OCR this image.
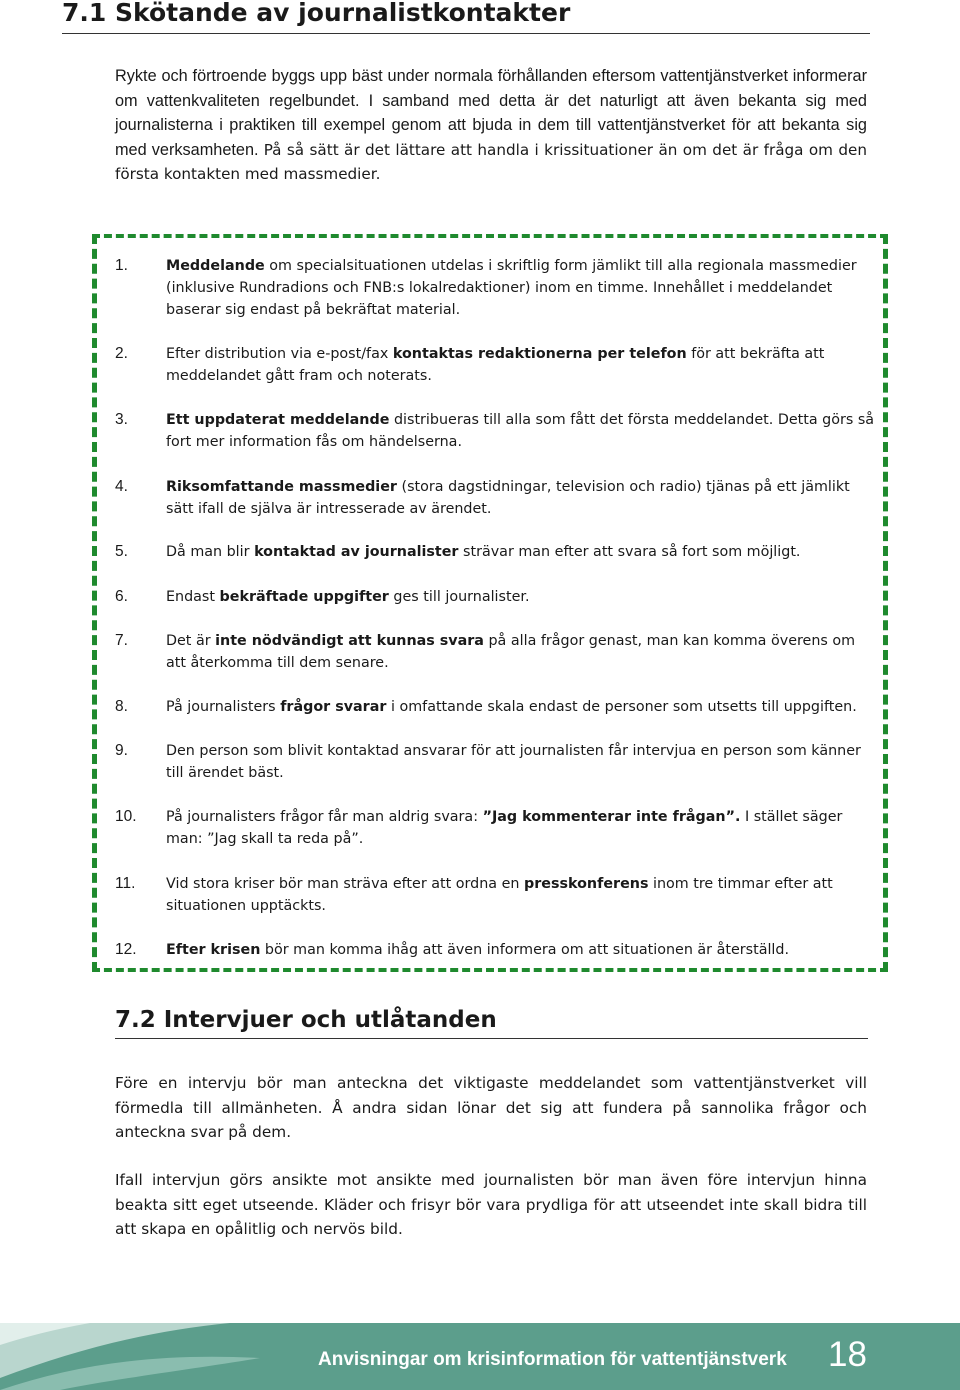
7.1 Skötande av journalistkontakter
Rykte och förtroende byggs upp bäst under normala förhållanden eftersom vattentjänstverket informerar om vattenkvaliteten regelbundet. I samband med detta är det naturligt att även bekanta sig med journalisterna i praktiken till exempel genom att bjuda in dem till vattentjänstverket för att bekanta sig med verksamheten. På så sätt är det lättare att handla i krissituationer än om det är fråga om den första kontakten med massmedier.
1.	Meddelande om specialsituationen utdelas i skriftlig form jämlikt till alla regionala massmedier (inklusive Rundradions och FNB:s lokalredaktioner) inom en timme. Innehållet i meddelandet baserar sig endast på bekräftat material.
2.	Efter distribution via e-post/fax kontaktas redaktionerna per telefon för att bekräfta att meddelandet gått fram och noterats.
3.	Ett uppdaterat meddelande distribueras till alla som fått det första meddelandet. Detta görs så fort mer information fås om händelserna.
4.	Riksomfattande massmedier (stora dagstidningar, television och radio) tjänas på ett jämlikt sätt ifall de själva är intresserade av ärendet.
5.	Då man blir kontaktad av journalister strävar man efter att svara så fort som möjligt.
6.	Endast bekräftade uppgifter ges till journalister.
7.	Det är inte nödvändigt att kunnas svara på alla frågor genast, man kan komma överens om att återkomma till dem senare.
8.	På journalisters frågor svarar i omfattande skala endast de personer som utsetts till uppgiften.
9.	Den person som blivit kontaktad ansvarar för att journalisten får intervjua en person som känner till ärendet bäst.
10. På journalisters frågor får man aldrig svara: ”Jag kommenterar inte frågan”. I stället säger man: ”Jag skall ta reda på”.
11. Vid stora kriser bör man sträva efter att ordna en presskonferens inom tre timmar efter att situationen upptäckts.
12. Efter krisen bör man komma ihåg att även informera om att situationen är återställd.
7.2 Intervjuer och utlåtanden
Före en intervju bör man anteckna det viktigaste meddelandet som vattentjänstverket vill förmedla till allmänheten. Å andra sidan lönar det sig att fundera på sannolika frågor och anteckna svar på dem.
Ifall intervjun görs ansikte mot ansikte med journalisten bör man även före intervjun hinna beakta sitt eget utseende. Kläder och frisyr bör vara prydliga för att utseendet inte skall bidra till att skapa en opålitlig och nervös bild.
Anvisningar om krisinformation för vattentjänstverk 18
